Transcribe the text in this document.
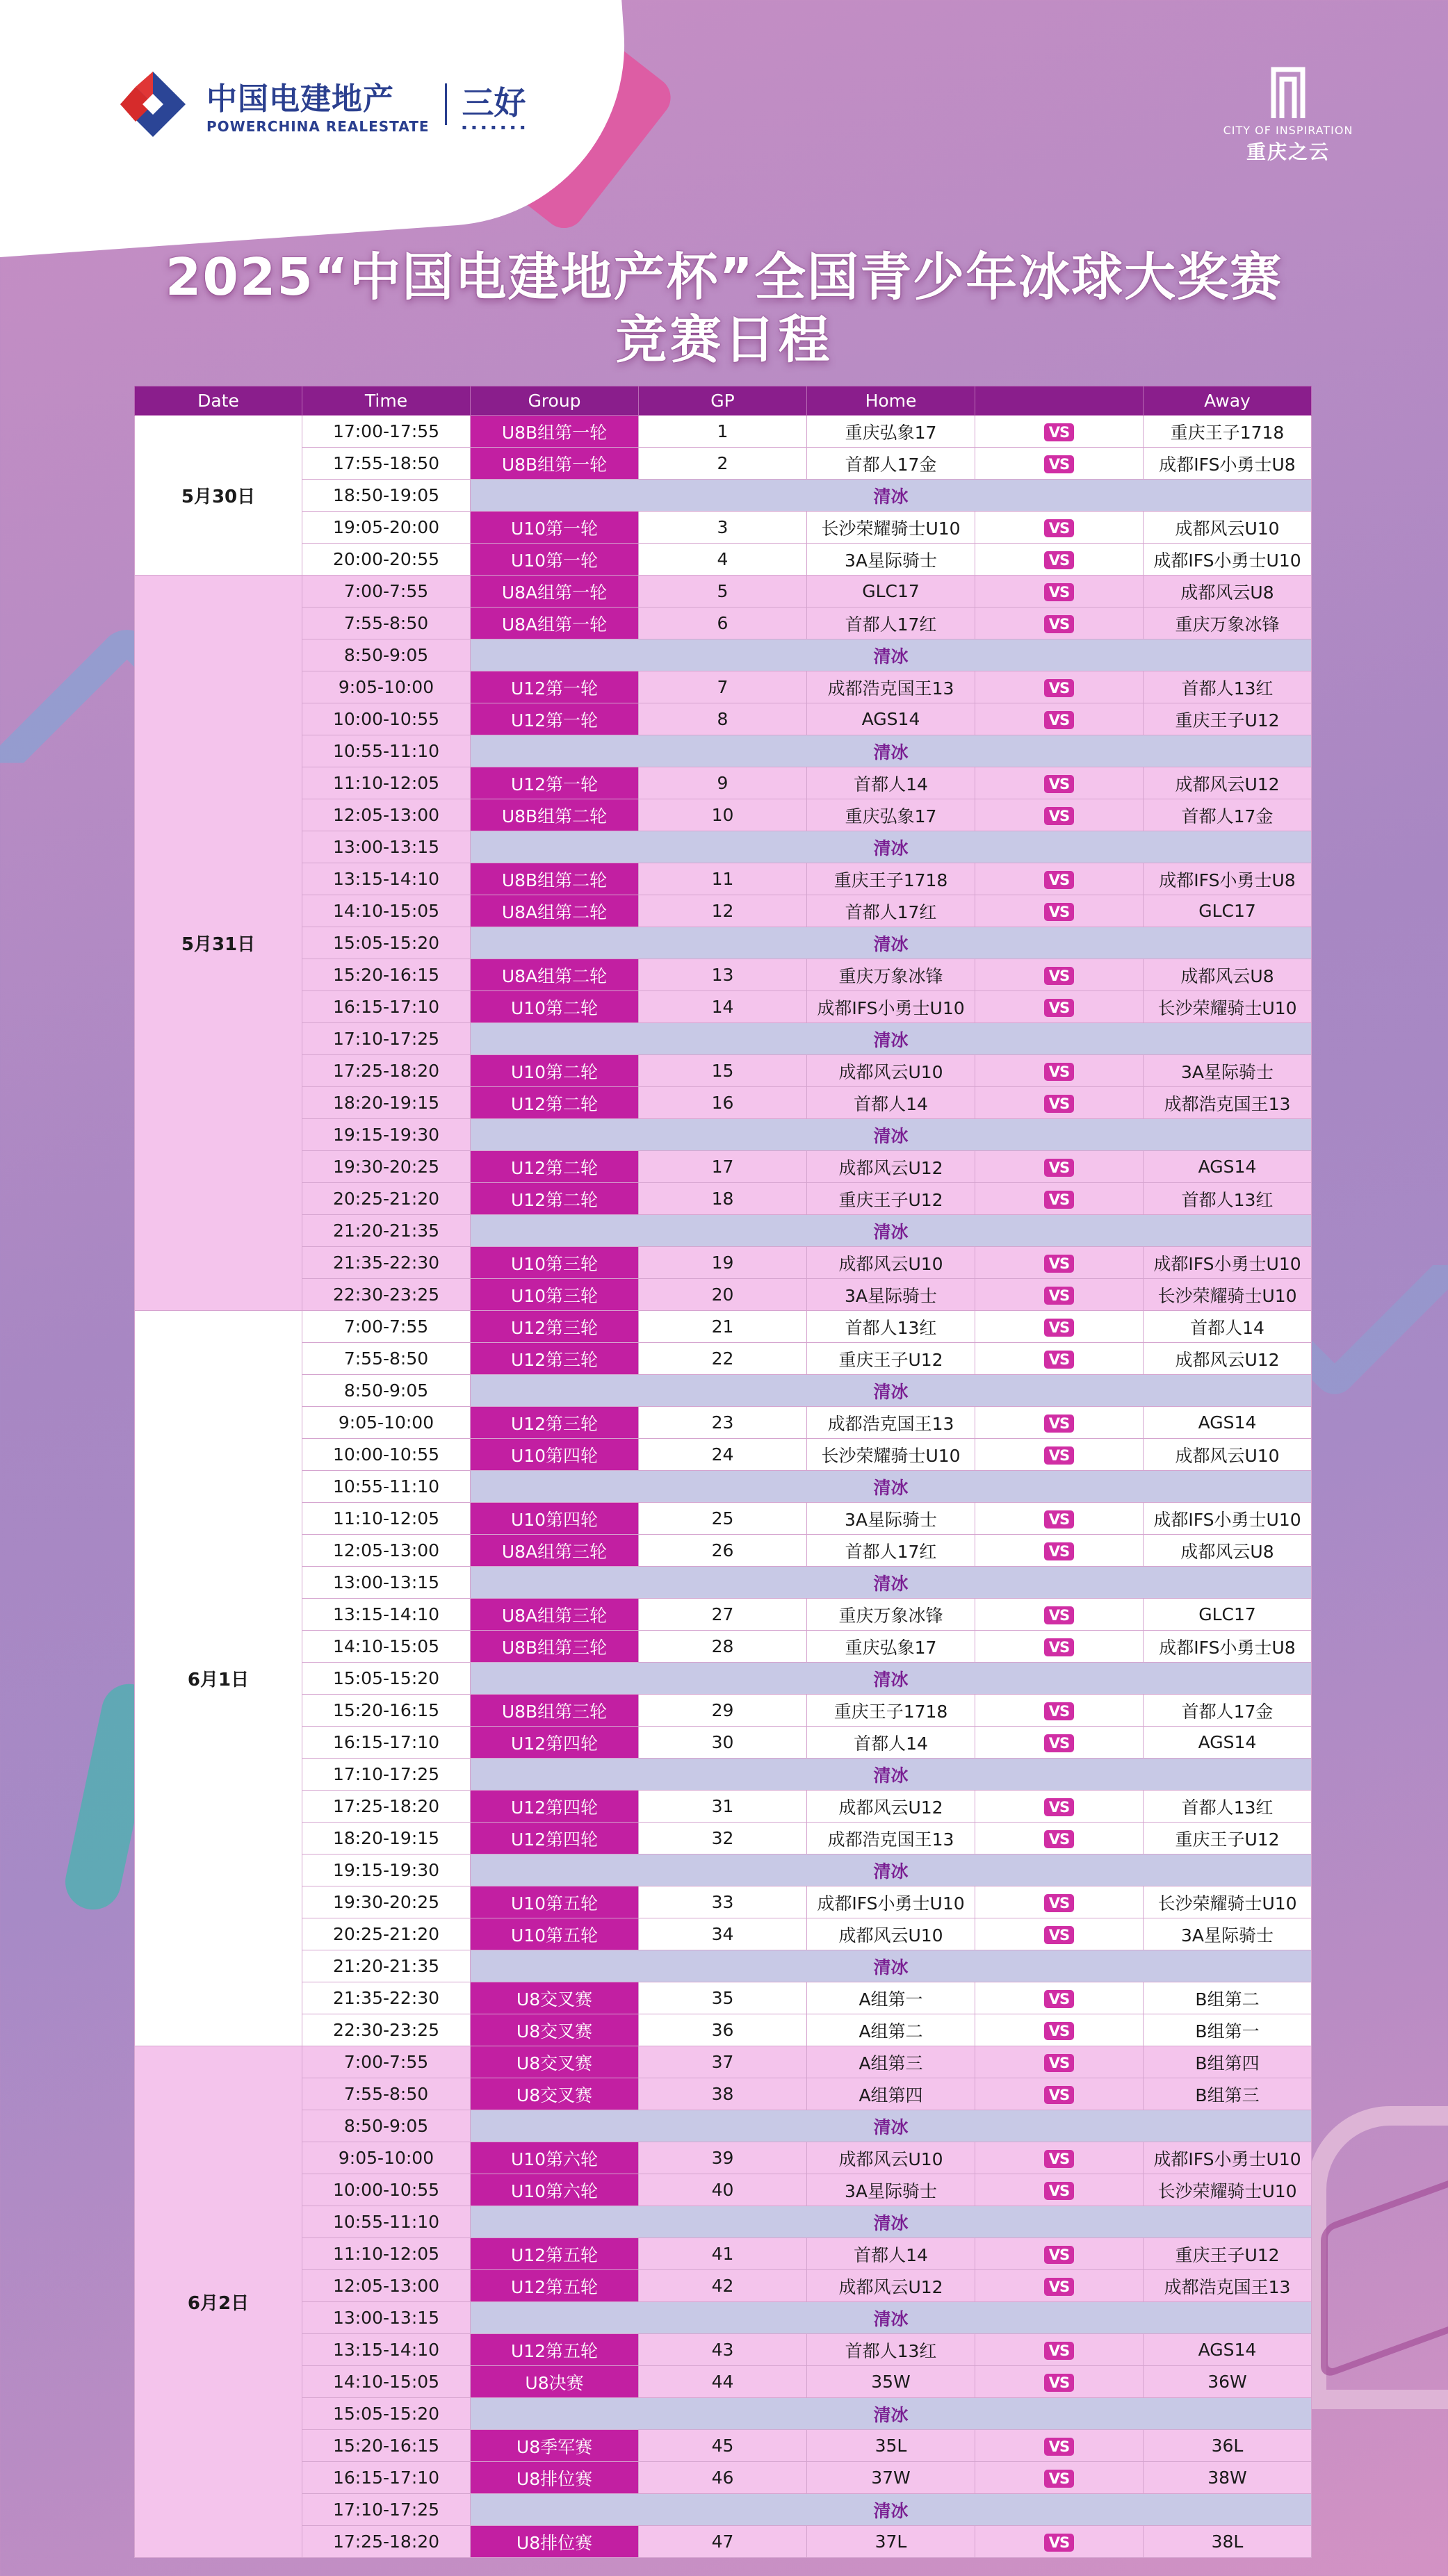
中国电建地产
POWERCHINA REALESTATE
三好
▪ ▪ ▪ ▪ ▪ ▪ ▪	CITY OF INSPIRATION
重庆之云
2025“中国电建地产杯”全国青少年冰球大奖赛
竞赛日程
Date	Time	Group	GP	Home		Away
5月30日	17:00-17:55	U8B组第一轮	1	重庆弘象17	VS	重庆王子1718
	17:55-18:50	U8B组第一轮	2	首都人17金	VS	成都IFS小勇士U8
	18:50-19:05	清冰				
	19:05-20:00	U10第一轮	3	长沙荣耀骑士U10	VS	成都风云U10
	20:00-20:55	U10第一轮	4	3A星际骑士	VS	成都IFS小勇士U10
5月31日	7:00-7:55	U8A组第一轮	5	GLC17	VS	成都风云U8
	7:55-8:50	U8A组第一轮	6	首都人17红	VS	重庆万象冰锋
	8:50-9:05	清冰				
	9:05-10:00	U12第一轮	7	成都浩克国王13	VS	首都人13红
	10:00-10:55	U12第一轮	8	AGS14	VS	重庆王子U12
	10:55-11:10	清冰				
	11:10-12:05	U12第一轮	9	首都人14	VS	成都风云U12
	12:05-13:00	U8B组第二轮	10	重庆弘象17	VS	首都人17金
	13:00-13:15	清冰				
	13:15-14:10	U8B组第二轮	11	重庆王子1718	VS	成都IFS小勇士U8
	14:10-15:05	U8A组第二轮	12	首都人17红	VS	GLC17
	15:05-15:20	清冰				
	15:20-16:15	U8A组第二轮	13	重庆万象冰锋	VS	成都风云U8
	16:15-17:10	U10第二轮	14	成都IFS小勇士U10	VS	长沙荣耀骑士U10
	17:10-17:25	清冰				
	17:25-18:20	U10第二轮	15	成都风云U10	VS	3A星际骑士
	18:20-19:15	U12第二轮	16	首都人14	VS	成都浩克国王13
	19:15-19:30	清冰				
	19:30-20:25	U12第二轮	17	成都风云U12	VS	AGS14
	20:25-21:20	U12第二轮	18	重庆王子U12	VS	首都人13红
	21:20-21:35	清冰				
	21:35-22:30	U10第三轮	19	成都风云U10	VS	成都IFS小勇士U10
	22:30-23:25	U10第三轮	20	3A星际骑士	VS	长沙荣耀骑士U10
6月1日	7:00-7:55	U12第三轮	21	首都人13红	VS	首都人14
	7:55-8:50	U12第三轮	22	重庆王子U12	VS	成都风云U12
	8:50-9:05	清冰				
	9:05-10:00	U12第三轮	23	成都浩克国王13	VS	AGS14
	10:00-10:55	U10第四轮	24	长沙荣耀骑士U10	VS	成都风云U10
	10:55-11:10	清冰				
	11:10-12:05	U10第四轮	25	3A星际骑士	VS	成都IFS小勇士U10
	12:05-13:00	U8A组第三轮	26	首都人17红	VS	成都风云U8
	13:00-13:15	清冰				
	13:15-14:10	U8A组第三轮	27	重庆万象冰锋	VS	GLC17
	14:10-15:05	U8B组第三轮	28	重庆弘象17	VS	成都IFS小勇士U8
	15:05-15:20	清冰				
	15:20-16:15	U8B组第三轮	29	重庆王子1718	VS	首都人17金
	16:15-17:10	U12第四轮	30	首都人14	VS	AGS14
	17:10-17:25	清冰				
	17:25-18:20	U12第四轮	31	成都风云U12	VS	首都人13红
	18:20-19:15	U12第四轮	32	成都浩克国王13	VS	重庆王子U12
	19:15-19:30	清冰				
	19:30-20:25	U10第五轮	33	成都IFS小勇士U10	VS	长沙荣耀骑士U10
	20:25-21:20	U10第五轮	34	成都风云U10	VS	3A星际骑士
	21:20-21:35	清冰				
	21:35-22:30	U8交叉赛	35	A组第一	VS	B组第二
	22:30-23:25	U8交叉赛	36	A组第二	VS	B组第一
6月2日	7:00-7:55	U8交叉赛	37	A组第三	VS	B组第四
	7:55-8:50	U8交叉赛	38	A组第四	VS	B组第三
	8:50-9:05	清冰				
	9:05-10:00	U10第六轮	39	成都风云U10	VS	成都IFS小勇士U10
	10:00-10:55	U10第六轮	40	3A星际骑士	VS	长沙荣耀骑士U10
	10:55-11:10	清冰				
	11:10-12:05	U12第五轮	41	首都人14	VS	重庆王子U12
	12:05-13:00	U12第五轮	42	成都风云U12	VS	成都浩克国王13
	13:00-13:15	清冰				
	13:15-14:10	U12第五轮	43	首都人13红	VS	AGS14
	14:10-15:05	U8决赛	44	35W	VS	36W
	15:05-15:20	清冰				
	15:20-16:15	U8季军赛	45	35L	VS	36L
	16:15-17:10	U8排位赛	46	37W	VS	38W
	17:10-17:25	清冰				
	17:25-18:20	U8排位赛	47	37L	VS	38L
